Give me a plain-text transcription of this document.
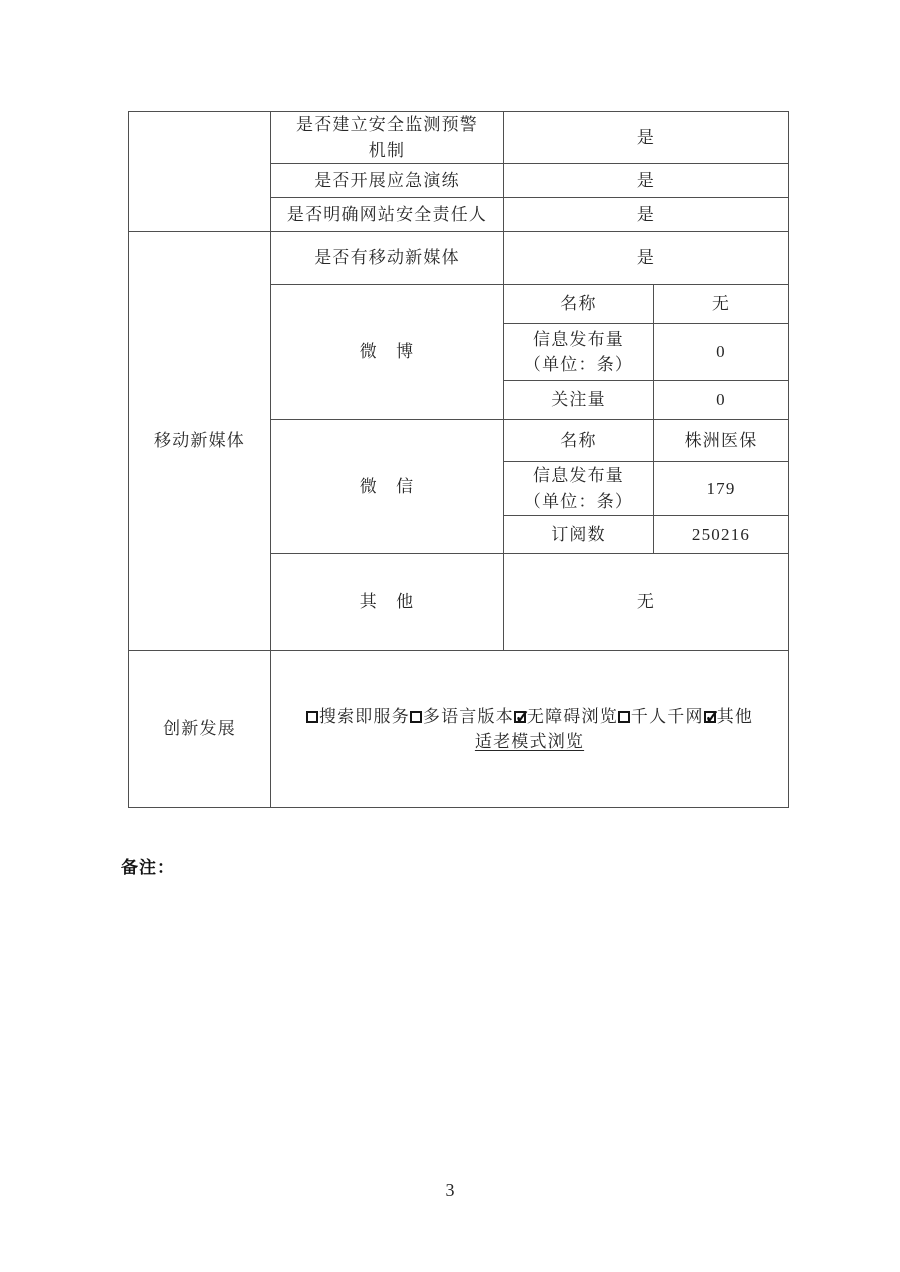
	是否建立安全监测预警
机制	是	
	是否开展应急演练	是	
	是否明确网站安全责任人	是	
移动新媒体	是否有移动新媒体	是	
	微　博	名称	无

		信息发布量
（单位：条）	0
		关注量	0
	微　信	名称	株洲医保

		信息发布量
（单位：条）	179
		订阅数	250216
	其　他	无	
创新发展	搜索即服务 多语言版本 ✓ 无障碍浏览 千人千网 ✓ 其他
适老模式浏览
备注：
3
